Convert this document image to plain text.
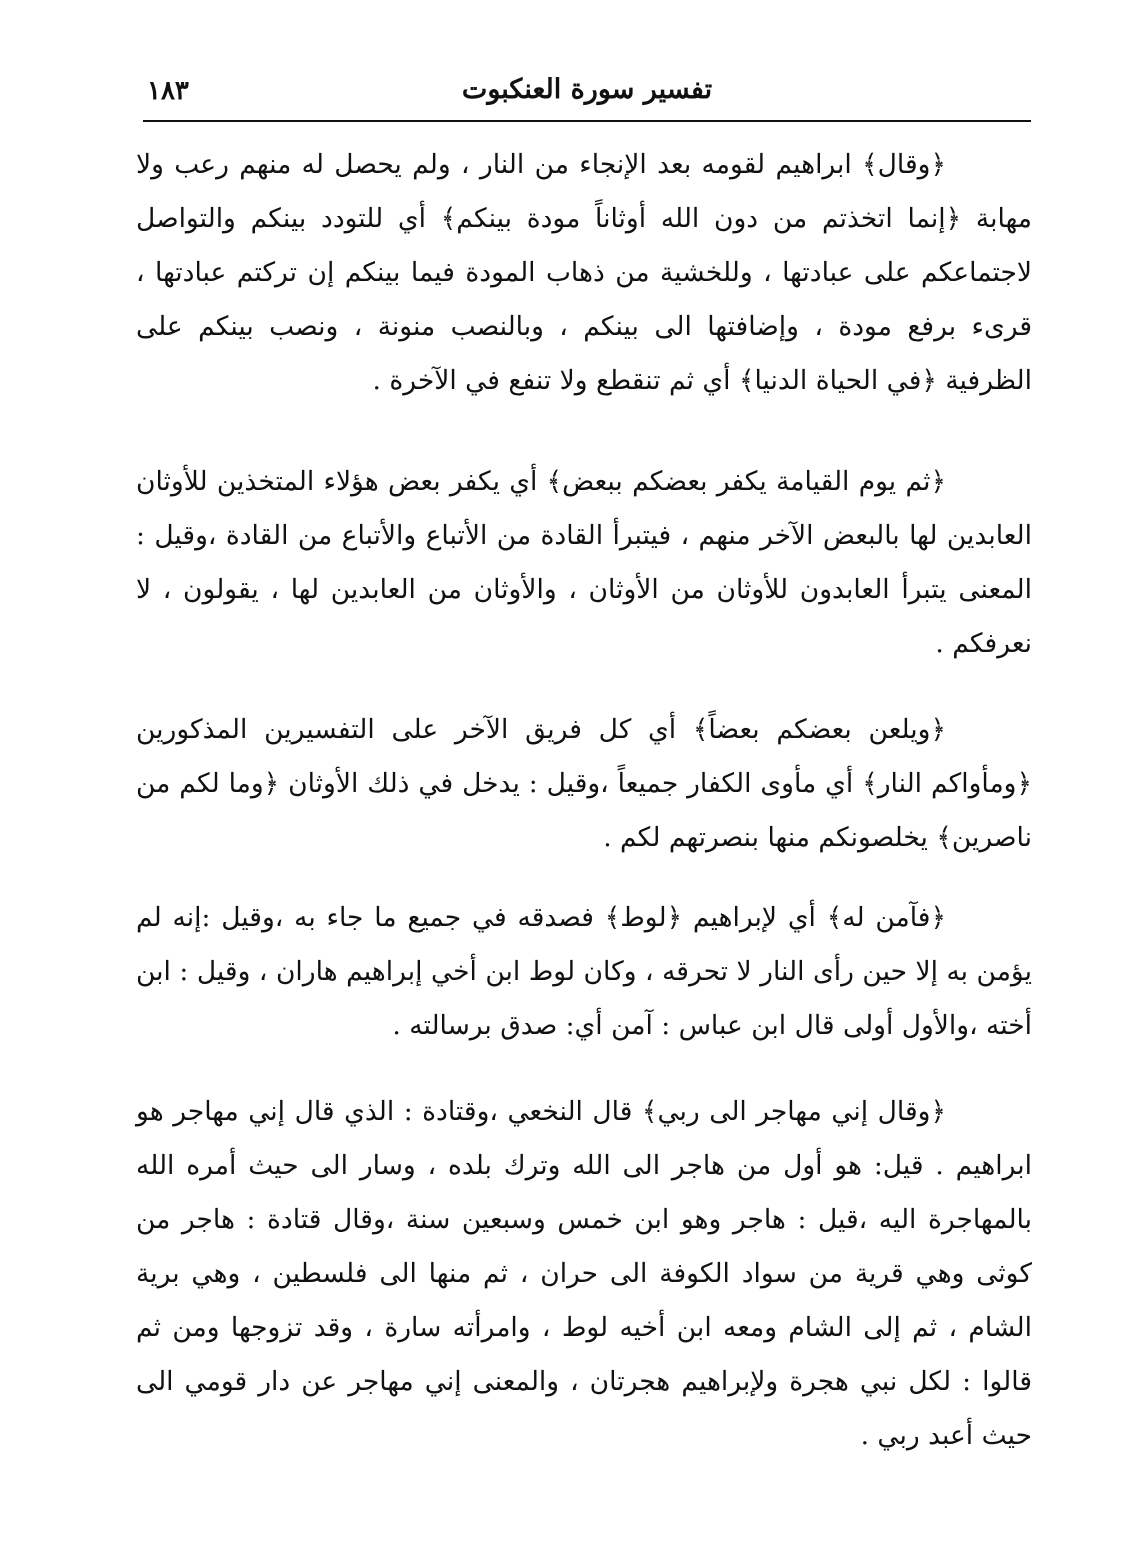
تفسير سورة العنكبوت
١٨٣

﴿وقال﴾ ابراهيم لقومه بعد الإنجاء من النار ، ولم يحصل له منهم رعب ولا مهابة ﴿إنما اتخذتم من دون الله أوثاناً مودة بينكم﴾ أي للتودد بينكم والتواصل لاجتماعكم على عبادتها ، وللخشية من ذهاب المودة فيما بينكم إن تركتم عبادتها ، قرىء برفع مودة ، وإضافتها الى بينكم ، وبالنصب منونة ، ونصب بينكم على الظرفية ﴿في الحياة الدنيا﴾ أي ثم تنقطع ولا تنفع في الآخرة .

﴿ثم يوم القيامة يكفر بعضكم ببعض﴾ أي يكفر بعض هؤلاء المتخذين للأوثان العابدين لها بالبعض الآخر منهم ، فيتبرأ القادة من الأتباع والأتباع من القادة ،وقيل : المعنى يتبرأ العابدون للأوثان من الأوثان ، والأوثان من العابدين لها ، يقولون ، لا نعرفكم .

﴿ويلعن بعضكم بعضاً﴾ أي كل فريق الآخر على التفسيرين المذكورين ﴿ومأواكم النار﴾ أي مأوى الكفار جميعاً ،وقيل : يدخل في ذلك الأوثان ﴿وما لكم من ناصرين﴾ يخلصونكم منها بنصرتهم لكم .

﴿فآمن له﴾ أي لإبراهيم ﴿لوط﴾ فصدقه في جميع ما جاء به ،وقيل :إنه لم يؤمن به إلا حين رأى النار لا تحرقه ، وكان لوط ابن أخي إبراهيم هاران ، وقيل : ابن أخته ،والأول أولى قال ابن عباس : آمن أي: صدق برسالته .

﴿وقال إني مهاجر الى ربي﴾ قال النخعي ،وقتادة : الذي قال إني مهاجر هو ابراهيم . قيل: هو أول من هاجر الى الله وترك بلده ، وسار الى حيث أمره الله بالمهاجرة اليه ،قيل : هاجر وهو ابن خمس وسبعين سنة ،وقال قتادة : هاجر من كوثى وهي قرية من سواد الكوفة الى حران ، ثم منها الى فلسطين ، وهي برية الشام ، ثم إلى الشام ومعه ابن أخيه لوط ، وامرأته سارة ، وقد تزوجها ومن ثم قالوا : لكل نبي هجرة ولإبراهيم هجرتان ، والمعنى إني مهاجر عن دار قومي الى حيث أعبد ربي .
